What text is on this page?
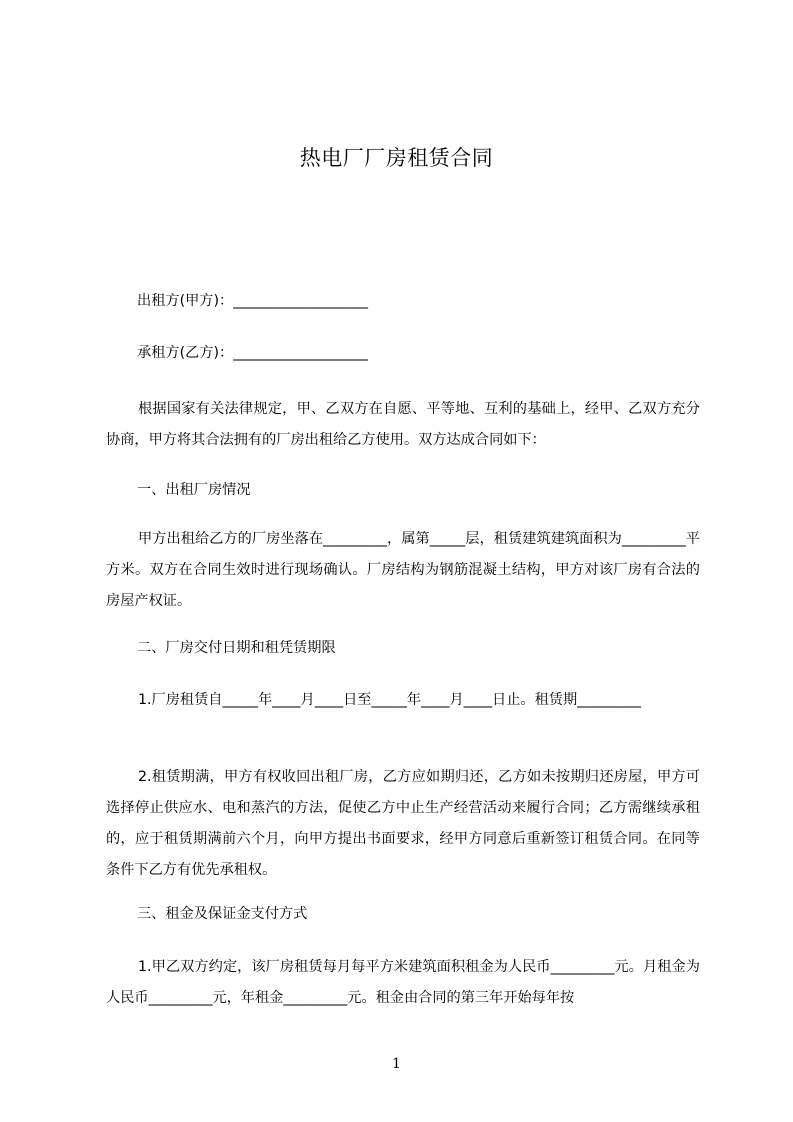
热电厂厂房租赁合同
出租方(甲方)：___________________
承租方(乙方)：___________________
根据国家有关法律规定，甲、乙双方在自愿、平等地、互利的基础上，经甲、乙双方充分协商，甲方将其合法拥有的厂房出租给乙方使用。双方达成合同如下：
一、出租厂房情况
甲方出租给乙方的厂房坐落在_________，属第_____层，租赁建筑建筑面积为_________平方米。双方在合同生效时进行现场确认。厂房结构为钢筋混凝土结构，甲方对该厂房有合法的房屋产权证。
二、厂房交付日期和租凭赁期限
1.厂房租赁自_____年____月____日至_____年____月____日止。租赁期_________
2.租赁期满，甲方有权收回出租厂房，乙方应如期归还，乙方如未按期归还房屋，甲方可选择停止供应水、电和蒸汽的方法，促使乙方中止生产经营活动来履行合同；乙方需继续承租的，应于租赁期满前六个月，向甲方提出书面要求，经甲方同意后重新签订租赁合同。在同等条件下乙方有优先承租权。
三、租金及保证金支付方式
1.甲乙双方约定，该厂房租赁每月每平方米建筑面积租金为人民币_________元。月租金为人民币_________元，年租金_________元。租金由合同的第三年开始每年按
1
